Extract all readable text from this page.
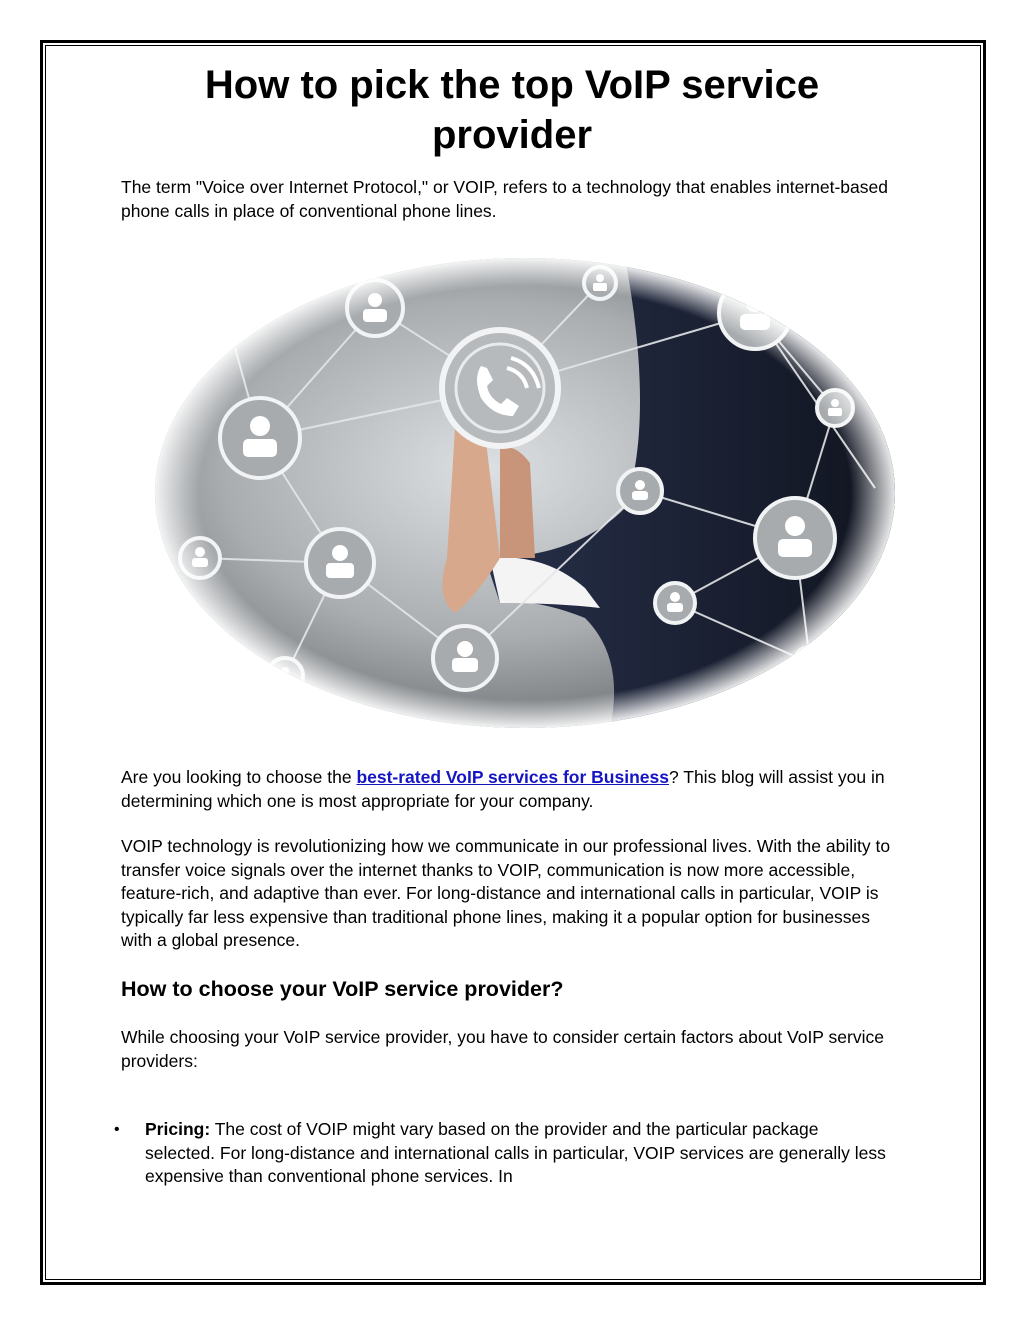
How to pick the top VoIP service provider

The term "Voice over Internet Protocol," or VOIP, refers to a technology that enables internet-based phone calls in place of conventional phone lines.

Are you looking to choose the best-rated VoIP services for Business? This blog will assist you in determining which one is most appropriate for your company.

VOIP technology is revolutionizing how we communicate in our professional lives. With the ability to transfer voice signals over the internet thanks to VOIP, communication is now more accessible, feature-rich, and adaptive than ever. For long-distance and international calls in particular, VOIP is typically far less expensive than traditional phone lines, making it a popular option for businesses with a global presence.

How to choose your VoIP service provider?

While choosing your VoIP service provider, you have to consider certain factors about VoIP service providers:

• Pricing: The cost of VOIP might vary based on the provider and the particular package selected. For long-distance and international calls in particular, VOIP services are generally less expensive than conventional phone services. In
